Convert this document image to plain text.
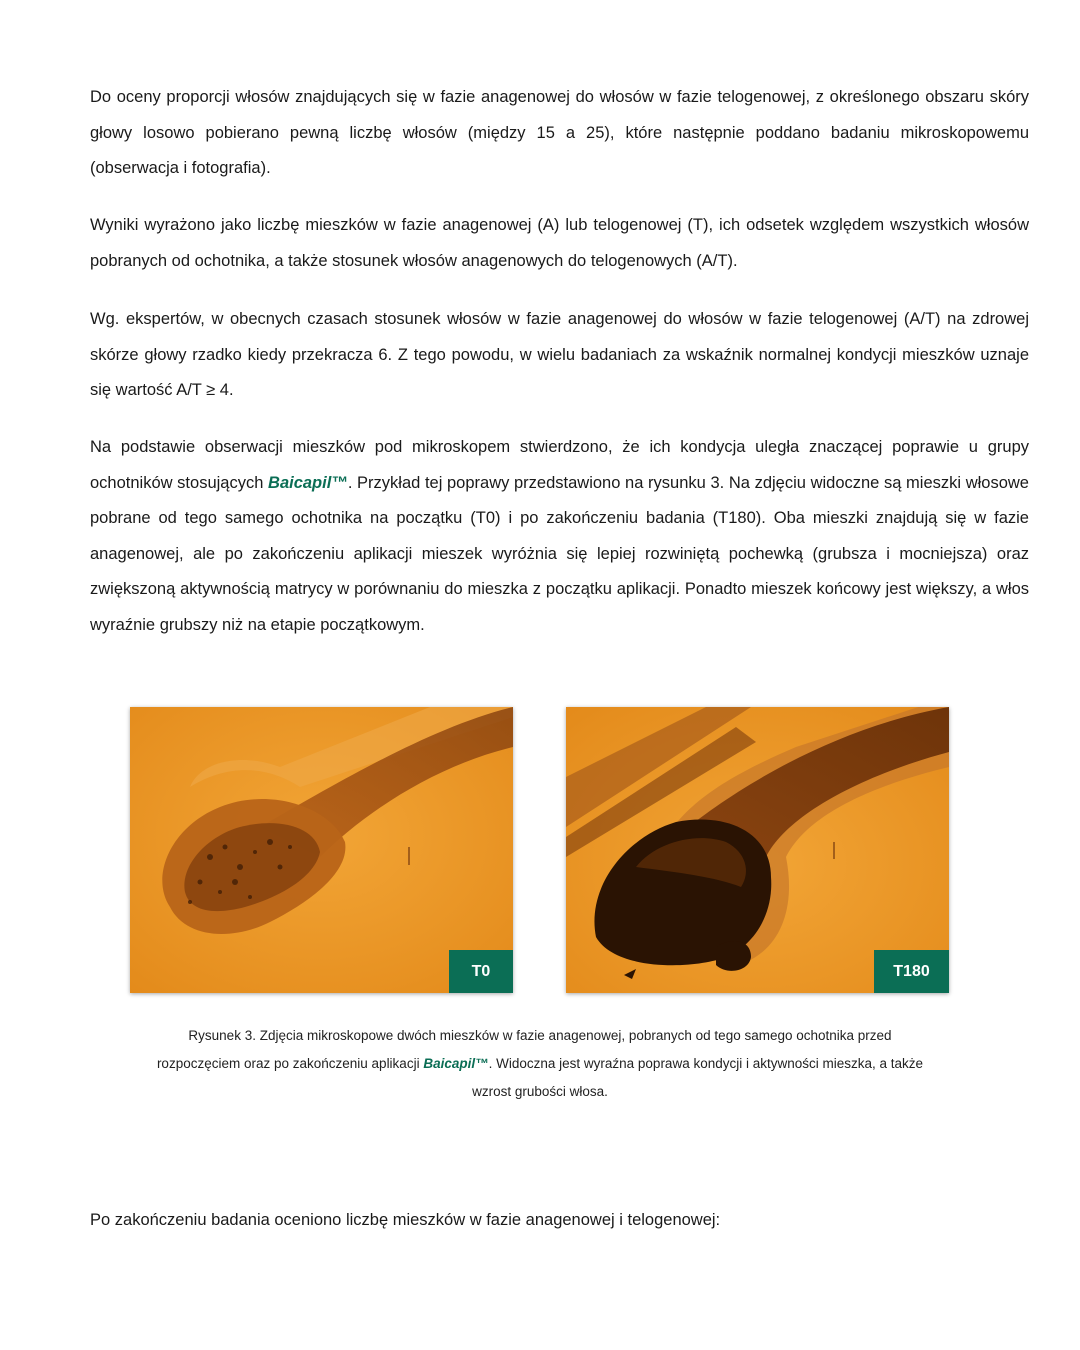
Do oceny proporcji włosów znajdujących się w fazie anagenowej do włosów w fazie telogenowej, z określonego obszaru skóry głowy losowo pobierano pewną liczbę włosów (między 15 a 25), które następnie poddano badaniu mikroskopowemu (obserwacja i fotografia).

Wyniki wyrażono jako liczbę mieszków w fazie anagenowej (A) lub telogenowej (T), ich odsetek względem wszystkich włosów pobranych od ochotnika, a także stosunek włosów anagenowych do telogenowych (A/T).

Wg. ekspertów, w obecnych czasach stosunek włosów w fazie anagenowej do włosów w fazie telogenowej (A/T) na zdrowej skórze głowy rzadko kiedy przekracza 6. Z tego powodu, w wielu badaniach za wskaźnik normalnej kondycji mieszków uznaje się wartość A/T ≥ 4.

Na podstawie obserwacji mieszków pod mikroskopem stwierdzono, że ich kondycja uległa znaczącej poprawie u grupy ochotników stosujących Baicapil™. Przykład tej poprawy przedstawiono na rysunku 3. Na zdjęciu widoczne są mieszki włosowe pobrane od tego samego ochotnika na początku (T0) i po zakończeniu badania (T180). Oba mieszki znajdują się w fazie anagenowej, ale po zakończeniu aplikacji mieszek wyróżnia się lepiej rozwiniętą pochewką (grubsza i mocniejsza) oraz zwiększoną aktywnością matrycy w porównaniu do mieszka z początku aplikacji. Ponadto mieszek końcowy jest większy, a włos wyraźnie grubszy niż na etapie początkowym.

T0	T180

Rysunek 3. Zdjęcia mikroskopowe dwóch mieszków w fazie anagenowej, pobranych od tego samego ochotnika przed rozpoczęciem oraz po zakończeniu aplikacji Baicapil™. Widoczna jest wyraźna poprawa kondycji i aktywności mieszka, a także wzrost grubości włosa.

Po zakończeniu badania oceniono liczbę mieszków w fazie anagenowej i telogenowej:
